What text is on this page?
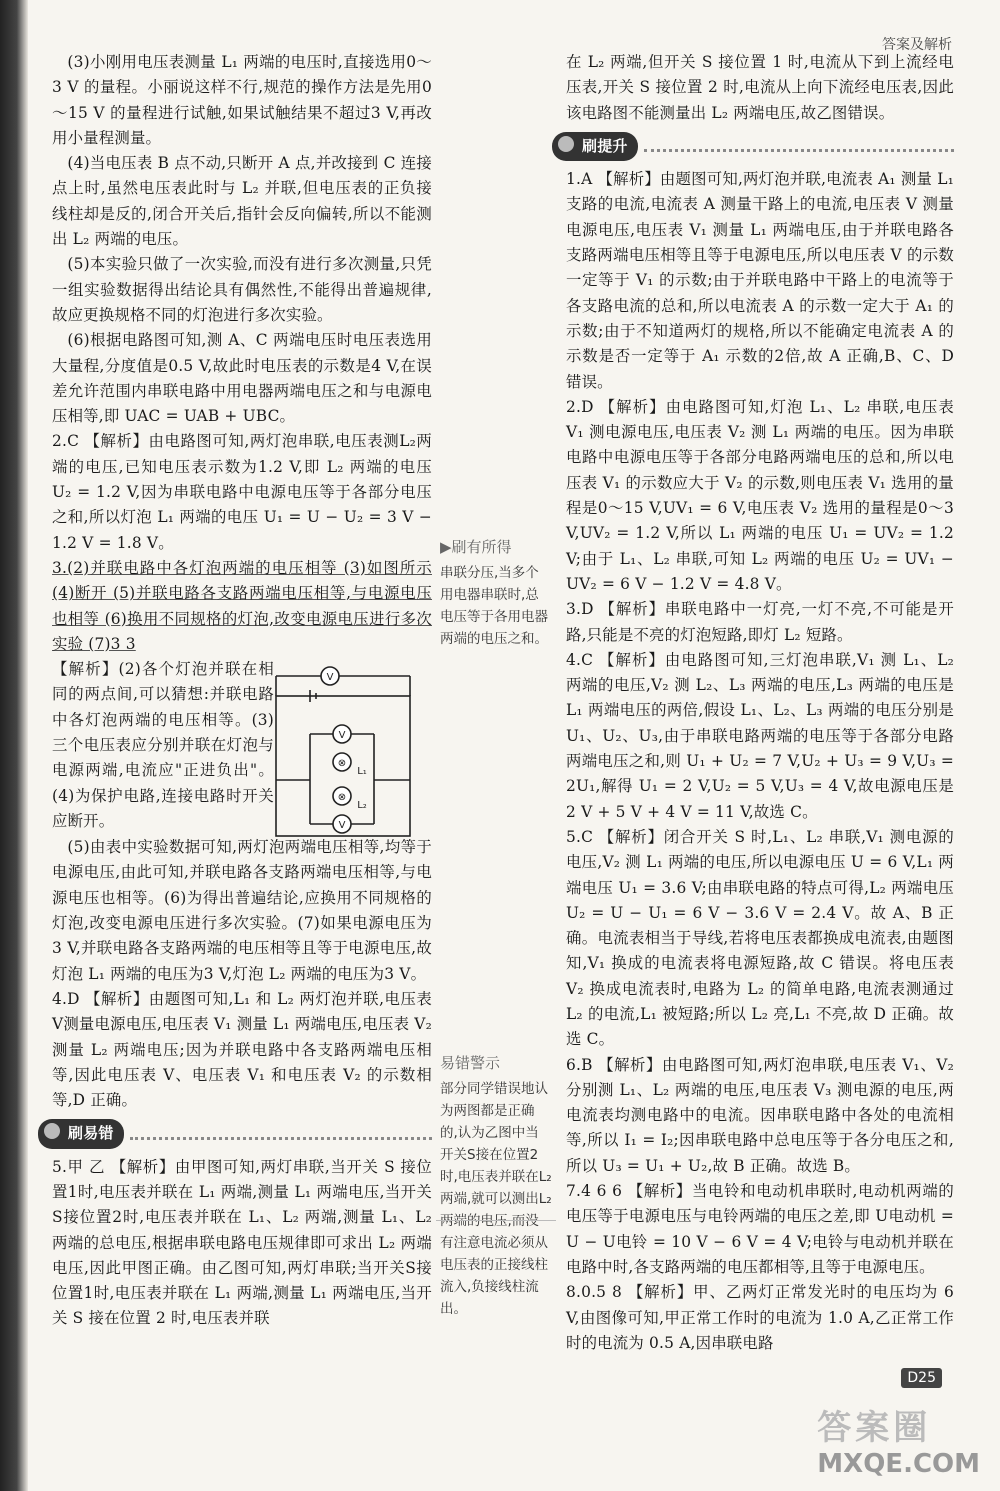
答案及解析

(3)小刚用电压表测量 L₁ 两端的电压时,直接选用0～3 V 的量程。小丽说这样不行,规范的操作方法是先用0～15 V 的量程进行试触,如果试触结果不超过3 V,再改用小量程测量。

(4)当电压表 B 点不动,只断开 A 点,并改接到 C 连接点上时,虽然电压表此时与 L₂ 并联,但电压表的正负接线柱却是反的,闭合开关后,指针会反向偏转,所以不能测出 L₂ 两端的电压。

(5)本实验只做了一次实验,而没有进行多次测量,只凭一组实验数据得出结论具有偶然性,不能得出普遍规律,故应更换规格不同的灯泡进行多次实验。

(6)根据电路图可知,测 A、C 两端电压时电压表选用大量程,分度值是0.5 V,故此时电压表的示数是4 V,在误差允许范围内串联电路中用电器两端电压之和与电源电压相等,即 UAC = UAB + UBC。

2.C 【解析】由电路图可知,两灯泡串联,电压表测L₂两端的电压,已知电压表示数为1.2 V,即 L₂ 两端的电压 U₂ = 1.2 V,因为串联电路中电源电压等于各部分电压之和,所以灯泡 L₁ 两端的电压 U₁ = U − U₂ = 3 V − 1.2 V = 1.8 V。

3.(2)并联电路中各灯泡两端的电压相等 (3)如图所示 (4)断开 (5)并联电路各支路两端电压相等,与电源电压也相等 (6)换用不同规格的灯泡,改变电源电压进行多次实验 (7)3 3

【解析】(2)各个灯泡并联在相同的两点间,可以猜想:并联电路中各灯泡两端的电压相等。(3)三个电压表应分别并联在灯泡与电源两端,电流应"正进负出"。(4)为保护电路,连接电路时开关应断开。

(5)由表中实验数据可知,两灯泡两端电压相等,均等于电源电压,由此可知,并联电路各支路两端电压相等,与电源电压也相等。(6)为得出普遍结论,应换用不同规格的灯泡,改变电源电压进行多次实验。(7)如果电源电压为3 V,并联电路各支路两端的电压相等且等于电源电压,故灯泡 L₁ 两端的电压为3 V,灯泡 L₂ 两端的电压为3 V。

4.D 【解析】由题图可知,L₁ 和 L₂ 两灯泡并联,电压表V测量电源电压,电压表 V₁ 测量 L₁ 两端电压,电压表 V₂ 测量 L₂ 两端电压;因为并联电路中各支路两端电压相等,因此电压表 V、电压表 V₁ 和电压表 V₂ 的示数相等,D 正确。

刷易错

5.甲 乙 【解析】由甲图可知,两灯串联,当开关 S 接位置1时,电压表并联在 L₁ 两端,测量 L₁ 两端电压,当开关S接位置2时,电压表并联在 L₁、L₂ 两端,测量 L₁、L₂ 两端的总电压,根据串联电路电压规律即可求出 L₂ 两端电压,因此甲图正确。由乙图可知,两灯串联;当开关S接位置1时,电压表并联在 L₁ 两端,测量 L₁ 两端电压,当开关 S 接在位置 2 时,电压表并联

V
V
⊗
⊗
V
L₁
L₂
▶刷有所得
串联分压,当多个用电器串联时,总电压等于各用电器两端的电压之和。
易错警示
部分同学错误地认为两图都是正确的,认为乙图中当开关S接在位置2时,电压表并联在L₂两端,就可以测出L₂两端的电压,而没有注意电流必须从电压表的正接线柱流入,负接线柱流出。

在 L₂ 两端,但开关 S 接位置 1 时,电流从下到上流经电压表,开关 S 接位置 2 时,电流从上向下流经电压表,因此该电路图不能测量出 L₂ 两端电压,故乙图错误。

刷提升

1.A 【解析】由题图可知,两灯泡并联,电流表 A₁ 测量 L₁ 支路的电流,电流表 A 测量干路上的电流,电压表 V 测量电源电压,电压表 V₁ 测量 L₁ 两端电压,由于并联电路各支路两端电压相等且等于电源电压,所以电压表 V 的示数一定等于 V₁ 的示数;由于并联电路中干路上的电流等于各支路电流的总和,所以电流表 A 的示数一定大于 A₁ 的示数;由于不知道两灯的规格,所以不能确定电流表 A 的示数是否一定等于 A₁ 示数的2倍,故 A 正确,B、C、D 错误。

2.D 【解析】由电路图可知,灯泡 L₁、L₂ 串联,电压表 V₁ 测电源电压,电压表 V₂ 测 L₁ 两端的电压。因为串联电路中电源电压等于各部分电路两端电压的总和,所以电压表 V₁ 的示数应大于 V₂ 的示数,则电压表 V₁ 选用的量程是0～15 V,UV₁ = 6 V,电压表 V₂ 选用的量程是0～3 V,UV₂ = 1.2 V,所以 L₁ 两端的电压 U₁ = UV₂ = 1.2 V;由于 L₁、L₂ 串联,可知 L₂ 两端的电压 U₂ = UV₁ − UV₂ = 6 V − 1.2 V = 4.8 V。

3.D 【解析】串联电路中一灯亮,一灯不亮,不可能是开路,只能是不亮的灯泡短路,即灯 L₂ 短路。

4.C 【解析】由电路图可知,三灯泡串联,V₁ 测 L₁、L₂ 两端的电压,V₂ 测 L₂、L₃ 两端的电压,L₃ 两端的电压是 L₁ 两端电压的两倍,假设 L₁、L₂、L₃ 两端的电压分别是 U₁、U₂、U₃,由于串联电路两端的电压等于各部分电路两端电压之和,则 U₁ + U₂ = 7 V,U₂ + U₃ = 9 V,U₃ = 2U₁,解得 U₁ = 2 V,U₂ = 5 V,U₃ = 4 V,故电源电压是2 V + 5 V + 4 V = 11 V,故选 C。

5.C 【解析】闭合开关 S 时,L₁、L₂ 串联,V₁ 测电源的电压,V₂ 测 L₁ 两端的电压,所以电源电压 U = 6 V,L₁ 两端电压 U₁ = 3.6 V;由串联电路的特点可得,L₂ 两端电压 U₂ = U − U₁ = 6 V − 3.6 V = 2.4 V。故 A、B 正确。电流表相当于导线,若将电压表都换成电流表,由题图知,V₁ 换成的电流表将电源短路,故 C 错误。将电压表 V₂ 换成电流表时,电路为 L₂ 的简单电路,电流表测通过 L₂ 的电流,L₁ 被短路;所以 L₂ 亮,L₁ 不亮,故 D 正确。故选 C。

6.B 【解析】由电路图可知,两灯泡串联,电压表 V₁、V₂ 分别测 L₁、L₂ 两端的电压,电压表 V₃ 测电源的电压,两电流表均测电路中的电流。因串联电路中各处的电流相等,所以 I₁ = I₂;因串联电路中总电压等于各分电压之和,所以 U₃ = U₁ + U₂,故 B 正确。故选 B。

7.4 6 6 【解析】当电铃和电动机串联时,电动机两端的电压等于电源电压与电铃两端的电压之差,即 U电动机 = U − U电铃 = 10 V − 6 V = 4 V;电铃与电动机并联在电路中时,各支路两端的电压都相等,且等于电源电压。

8.0.5 8 【解析】甲、乙两灯正常发光时的电压均为 6 V,由图像可知,甲正常工作时的电流为 1.0 A,乙正常工作时的电流为 0.5 A,因串联电路

D25
答案圈
MXQE.COM
